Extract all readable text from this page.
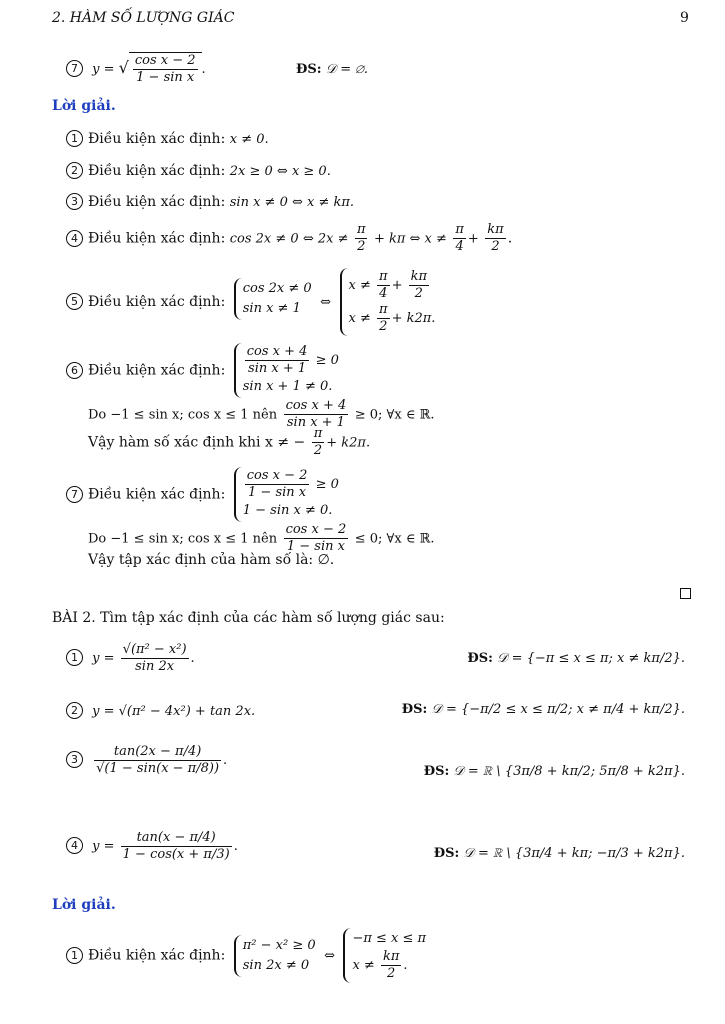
2. HÀM SỐ LƯỢNG GIÁC	9
7 y = √ $\frac{\text{cos x − 2}}{\text{1 − sin x}}$ .	ĐS: 𝒟 = ∅.
Lời giải.
1 Điều kiện xác định: x ≠ 0.
2 Điều kiện xác định: 2x ≥ 0 ⇔ x ≥ 0.
3 Điều kiện xác định: sin x ≠ 0 ⇔ x ≠ kπ.
4 Điều kiện xác định: cos 2x ≠ 0 ⇔ $2x \ne \frac{\pi}{2} + k\pi$ ⇔ $x \ne \frac{\pi}{4} + \frac{k\pi}{2}$ .
5 Điều kiện xác định:
cos 2x ≠ 0
sin x ≠ 1	⇔
$x \ne \frac{\pi}{4} + \frac{k\pi}{2}$
$x \ne \frac{\pi}{2} + k2\pi$.
6 Điều kiện xác định: $\frac{\text{cos x + 4}}{\text{sin x + 1}} \ge 0$
sin x + 1 ≠ 0.
Do −1 ≤ sin x; cos x ≤ 1 nên $\frac{\text{cos x + 4}}{\text{sin x + 1}} \ge 0$; ∀x ∈ ℝ.
Vậy hàm số xác định khi x ≠ − $\frac{\pi}{2} + k2\pi$.
7 Điều kiện xác định: $\frac{\text{cos x − 2}}{\text{1 − sin x}} \ge 0$
1 − sin x ≠ 0.
Do −1 ≤ sin x; cos x ≤ 1 nên $\frac{\text{cos x − 2}}{\text{1 − sin x}} \le 0$; ∀x ∈ ℝ.
Vậy tập xác định của hàm số là: ∅.
BÀI 2. Tìm tập xác định của các hàm số lượng giác sau:
1 $y = \frac{\text{√(π² − x²)}}{\sin 2x}$ .	ĐS: 𝒟 = {−π ≤ x ≤ π; x ≠ kπ/2}.
2 y = √(π² − 4x²) + tan 2x.	ĐS: 𝒟 = {−π/2 ≤ x ≤ π/2; x ≠ π/4 + kπ/2}.
$3 \frac{\tan(2x - \pi/4)}{√(1 - \sin(x - \pi/8))}$ .
ĐS: 𝒟 = ℝ \ {3π/8 + kπ/2; 5π/8 + k2π}.
4 $y = \frac{\tan(x - \pi/4)}{1 - \cos(x + \pi/3)}$ .	ĐS: 𝒟 = ℝ \ {3π/4 + kπ; −π/3 + k2π}.
Lời giải.
1 Điều kiện xác định:
π² − x² ≥ 0
sin 2x ≠ 0
⇔
−π ≤ x ≤ π
$x \ne \frac{k\pi}{2}$ .
